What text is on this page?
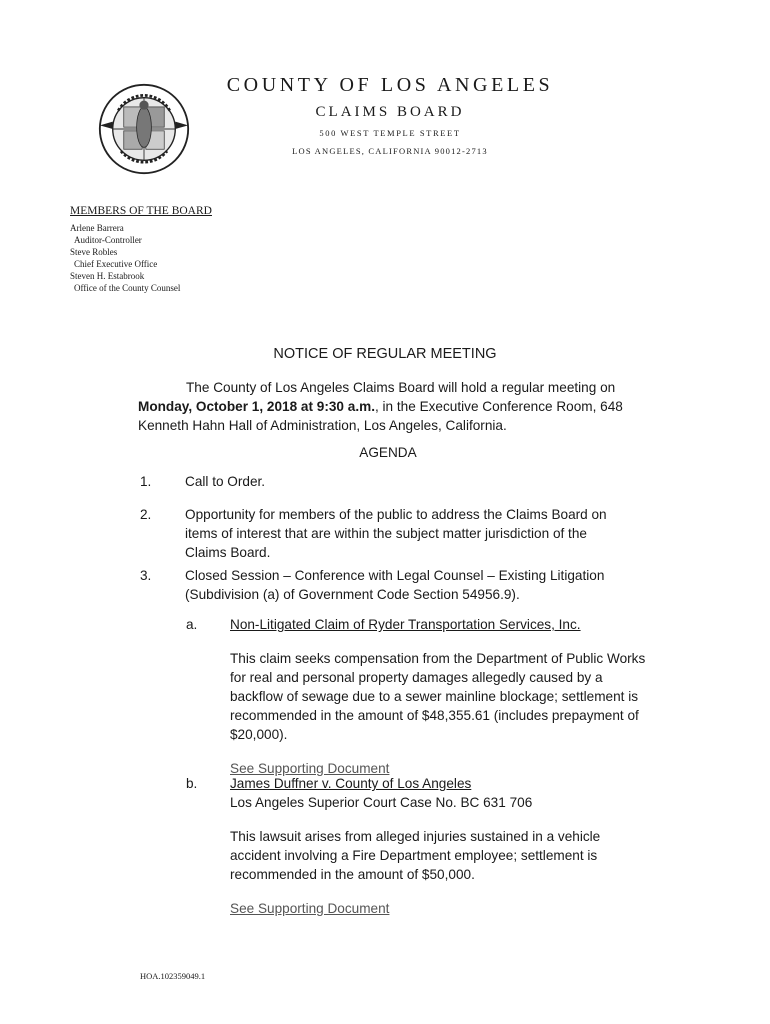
COUNTY OF LOS ANGELES
CLAIMS BOARD
500 WEST TEMPLE STREET
LOS ANGELES, CALIFORNIA 90012-2713
MEMBERS OF THE BOARD
Arlene Barrera
Auditor-Controller
Steve Robles
Chief Executive Office
Steven H. Estabrook
Office of the County Counsel
NOTICE OF REGULAR MEETING
The County of Los Angeles Claims Board will hold a regular meeting on Monday, October 1, 2018 at 9:30 a.m., in the Executive Conference Room, 648 Kenneth Hahn Hall of Administration, Los Angeles, California.
AGENDA
1. Call to Order.
2. Opportunity for members of the public to address the Claims Board on items of interest that are within the subject matter jurisdiction of the Claims Board.
3. Closed Session – Conference with Legal Counsel – Existing Litigation (Subdivision (a) of Government Code Section 54956.9).
a. Non-Litigated Claim of Ryder Transportation Services, Inc.
This claim seeks compensation from the Department of Public Works for real and personal property damages allegedly caused by a backflow of sewage due to a sewer mainline blockage; settlement is recommended in the amount of $48,355.61 (includes prepayment of $20,000).
See Supporting Document
b. James Duffner v. County of Los Angeles
Los Angeles Superior Court Case No. BC 631 706
This lawsuit arises from alleged injuries sustained in a vehicle accident involving a Fire Department employee; settlement is recommended in the amount of $50,000.
See Supporting Document
HOA.102359049.1
